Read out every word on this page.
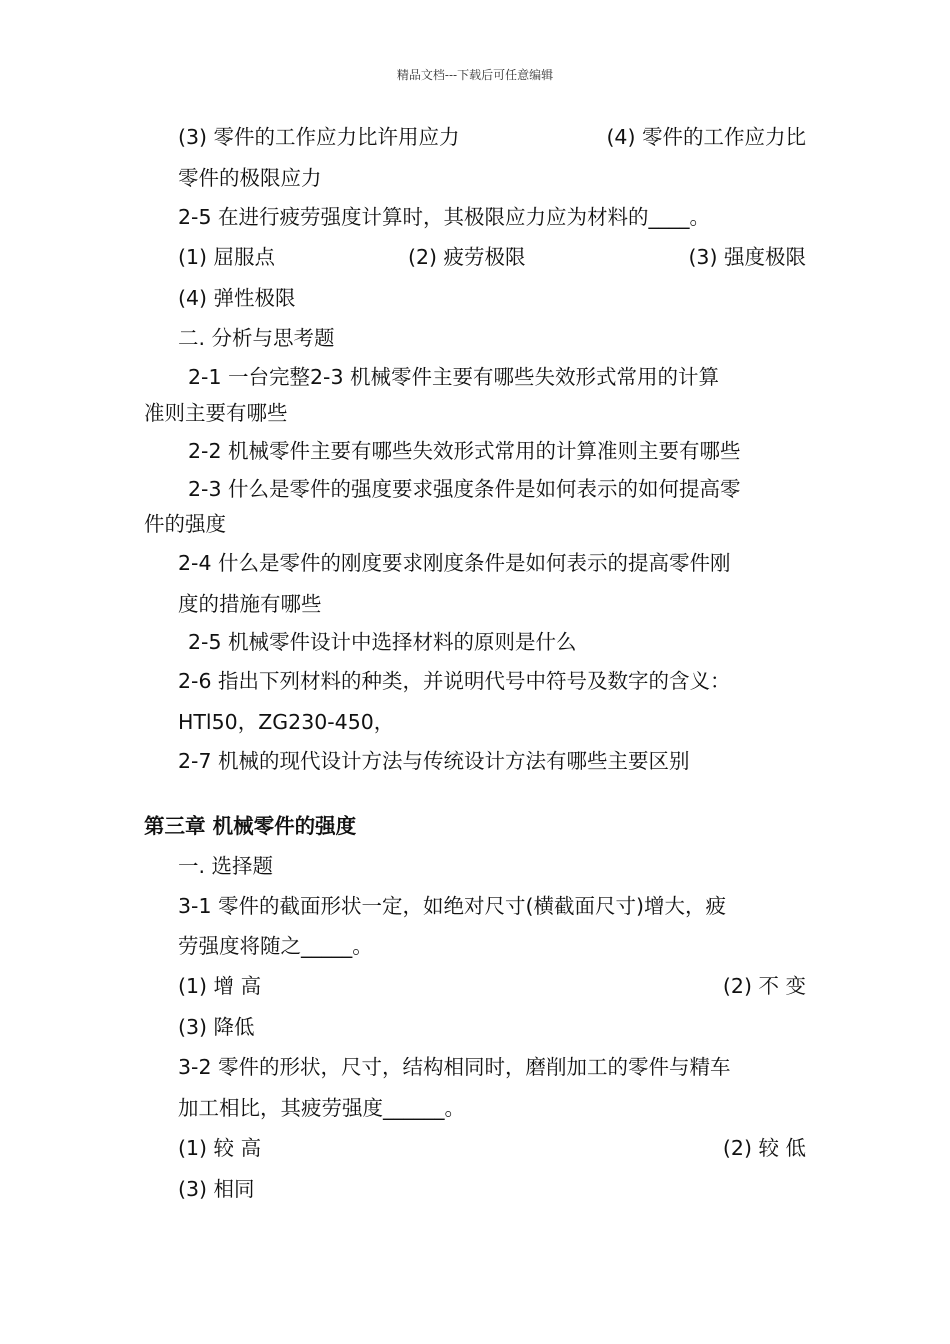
精品文档---下载后可任意编辑
(3) 零件的工作应力比许用应力	(4) 零件的工作应力比
零件的极限应力
2-5 在进行疲劳强度计算时，其极限应力应为材料的____。
(1) 屈服点	(2) 疲劳极限	(3) 强度极限
(4) 弹性极限
二. 分析与思考题
2-1 一台完整2-3 机械零件主要有哪些失效形式常用的计算
准则主要有哪些
2-2 机械零件主要有哪些失效形式常用的计算准则主要有哪些
2-3 什么是零件的强度要求强度条件是如何表示的如何提高零
件的强度
2-4 什么是零件的刚度要求刚度条件是如何表示的提高零件刚
度的措施有哪些
2-5 机械零件设计中选择材料的原则是什么
2-6 指出下列材料的种类，并说明代号中符号及数字的含义：
HTl50，ZG230-450，
2-7 机械的现代设计方法与传统设计方法有哪些主要区别
第三章 机械零件的强度
一. 选择题
3-1 零件的截面形状一定，如绝对尺寸(横截面尺寸)增大，疲
劳强度将随之_____。
(1) 增 高	(2) 不 变
(3) 降低
3-2 零件的形状，尺寸，结构相同时，磨削加工的零件与精车
加工相比，其疲劳强度______。
(1) 较 高	(2) 较 低
(3) 相同
